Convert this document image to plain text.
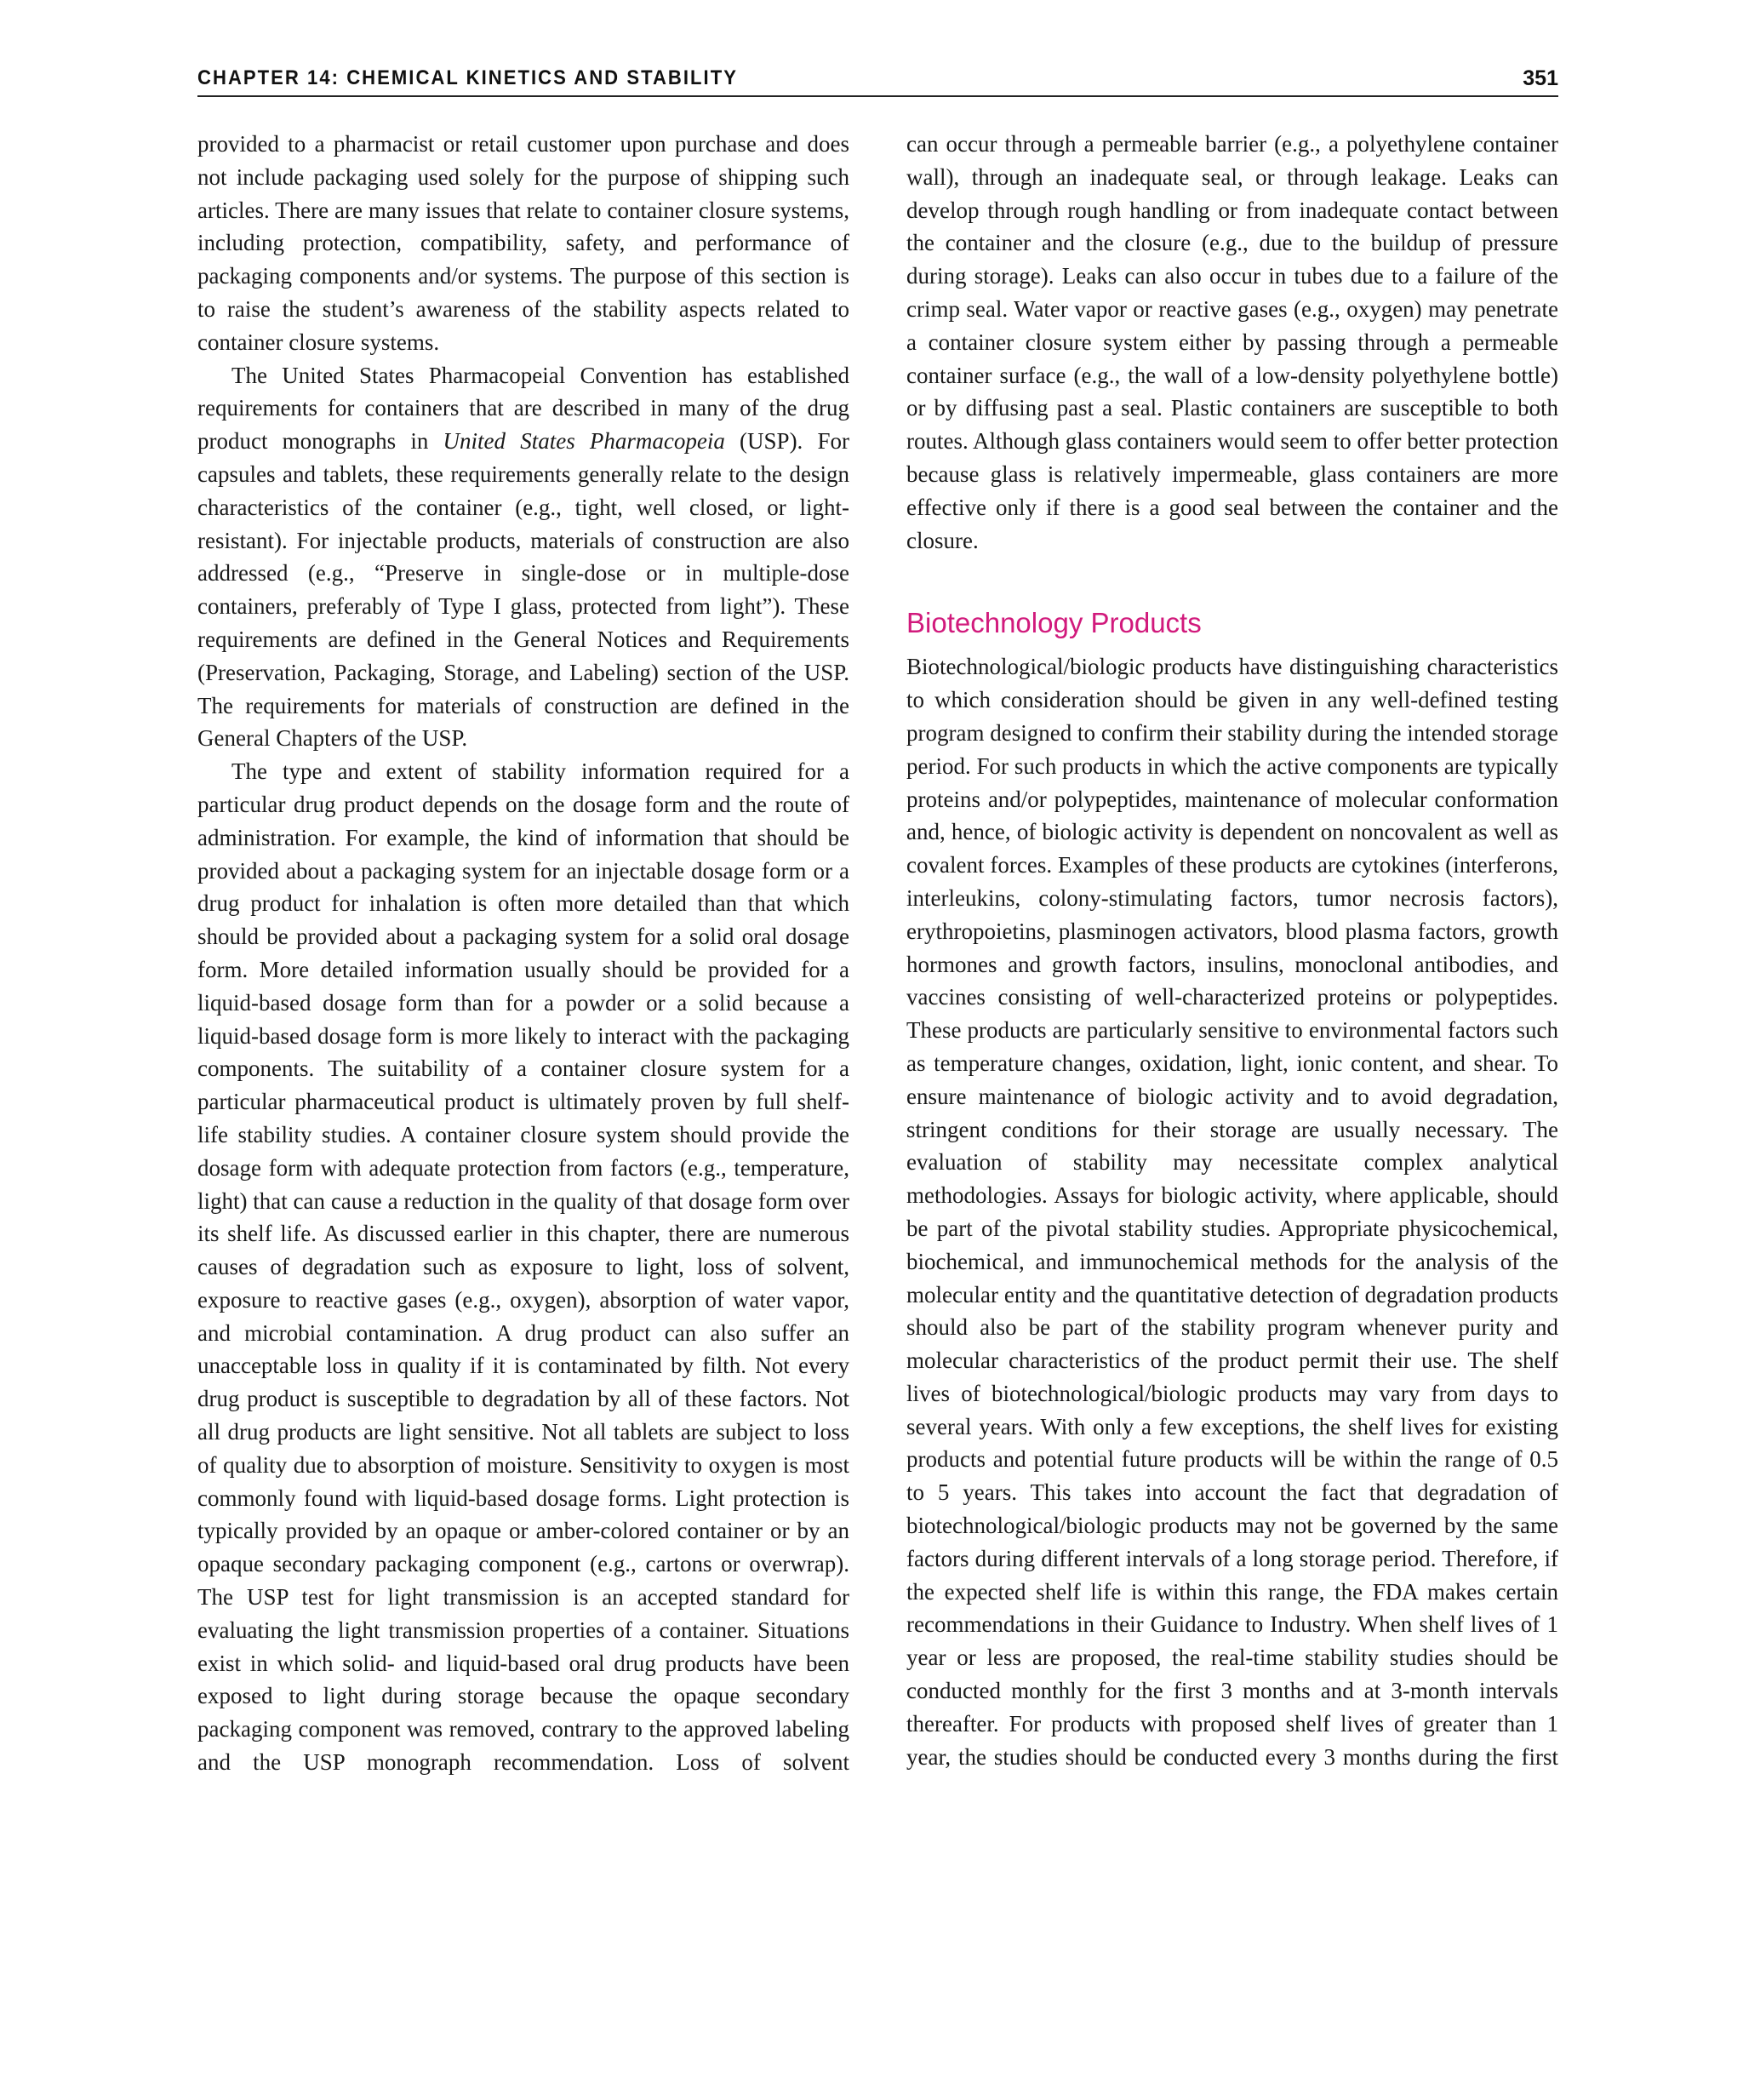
CHAPTER 14: CHEMICAL KINETICS AND STABILITY	351

provided to a pharmacist or retail customer upon purchase and does not include packaging used solely for the purpose of shipping such articles. There are many issues that relate to container closure systems, including protection, compatibility, safety, and performance of packaging components and/or systems. The purpose of this section is to raise the student’s awareness of the stability aspects related to container closure systems.

The United States Pharmacopeial Convention has established requirements for containers that are described in many of the drug product monographs in United States Pharmacopeia (USP). For capsules and tablets, these requirements generally relate to the design characteristics of the container (e.g., tight, well closed, or light-resistant). For injectable products, materials of construction are also addressed (e.g., “Preserve in single-dose or in multiple-dose containers, preferably of Type I glass, protected from light”). These requirements are defined in the General Notices and Requirements (Preservation, Packaging, Storage, and Labeling) section of the USP. The requirements for materials of construction are defined in the General Chapters of the USP.

The type and extent of stability information required for a particular drug product depends on the dosage form and the route of administration. For example, the kind of information that should be provided about a packaging system for an injectable dosage form or a drug product for inhalation is often more detailed than that which should be provided about a packaging system for a solid oral dosage form. More detailed information usually should be provided for a liquid-based dosage form than for a powder or a solid because a liquid-based dosage form is more likely to interact with the packaging components. The suitability of a container closure system for a particular pharmaceutical product is ultimately proven by full shelf-life stability studies. A container closure system should provide the dosage form with adequate protection from factors (e.g., temperature, light) that can cause a reduction in the quality of that dosage form over its shelf life. As discussed earlier in this chapter, there are numerous causes of degradation such as exposure to light, loss of solvent, exposure to reactive gases (e.g., oxygen), absorption of water vapor, and microbial contamination. A drug product can also suffer an unacceptable loss in quality if it is contaminated by filth. Not every drug product is susceptible to degradation by all of these factors. Not all drug products are light sensitive. Not all tablets are subject to loss of quality due to absorption of moisture. Sensitivity to oxygen is most commonly found with liquid-based dosage forms. Light protection is typically provided by an opaque or amber-colored container or by an opaque secondary packaging component (e.g., cartons or overwrap). The USP test for light transmission is an accepted standard for evaluating the light transmission properties of a container. Situations exist in which solid- and liquid-based oral drug products have been exposed to light during storage because the opaque secondary packaging component was removed, contrary to the approved labeling and the USP monograph recommendation. Loss of solvent

can occur through a permeable barrier (e.g., a polyethylene container wall), through an inadequate seal, or through leakage. Leaks can develop through rough handling or from inadequate contact between the container and the closure (e.g., due to the buildup of pressure during storage). Leaks can also occur in tubes due to a failure of the crimp seal. Water vapor or reactive gases (e.g., oxygen) may penetrate a container closure system either by passing through a permeable container surface (e.g., the wall of a low-density polyethylene bottle) or by diffusing past a seal. Plastic containers are susceptible to both routes. Although glass containers would seem to offer better protection because glass is relatively impermeable, glass containers are more effective only if there is a good seal between the container and the closure.

Biotechnology Products

Biotechnological/biologic products have distinguishing characteristics to which consideration should be given in any well-defined testing program designed to confirm their stability during the intended storage period. For such products in which the active components are typically proteins and/or polypeptides, maintenance of molecular conformation and, hence, of biologic activity is dependent on noncovalent as well as covalent forces. Examples of these products are cytokines (interferons, interleukins, colony-stimulating factors, tumor necrosis factors), erythropoietins, plasminogen activators, blood plasma factors, growth hormones and growth factors, insulins, monoclonal antibodies, and vaccines consisting of well-characterized proteins or polypeptides. These products are particularly sensitive to environmental factors such as temperature changes, oxidation, light, ionic content, and shear. To ensure maintenance of biologic activity and to avoid degradation, stringent conditions for their storage are usually necessary. The evaluation of stability may necessitate complex analytical methodologies. Assays for biologic activity, where applicable, should be part of the pivotal stability studies. Appropriate physicochemical, biochemical, and immunochemical methods for the analysis of the molecular entity and the quantitative detection of degradation products should also be part of the stability program whenever purity and molecular characteristics of the product permit their use. The shelf lives of biotechnological/biologic products may vary from days to several years. With only a few exceptions, the shelf lives for existing products and potential future products will be within the range of 0.5 to 5 years. This takes into account the fact that degradation of biotechnological/biologic products may not be governed by the same factors during different intervals of a long storage period. Therefore, if the expected shelf life is within this range, the FDA makes certain recommendations in their Guidance to Industry. When shelf lives of 1 year or less are proposed, the real-time stability studies should be conducted monthly for the first 3 months and at 3-month intervals thereafter. For products with proposed shelf lives of greater than 1 year, the studies should be conducted every 3 months during the first
